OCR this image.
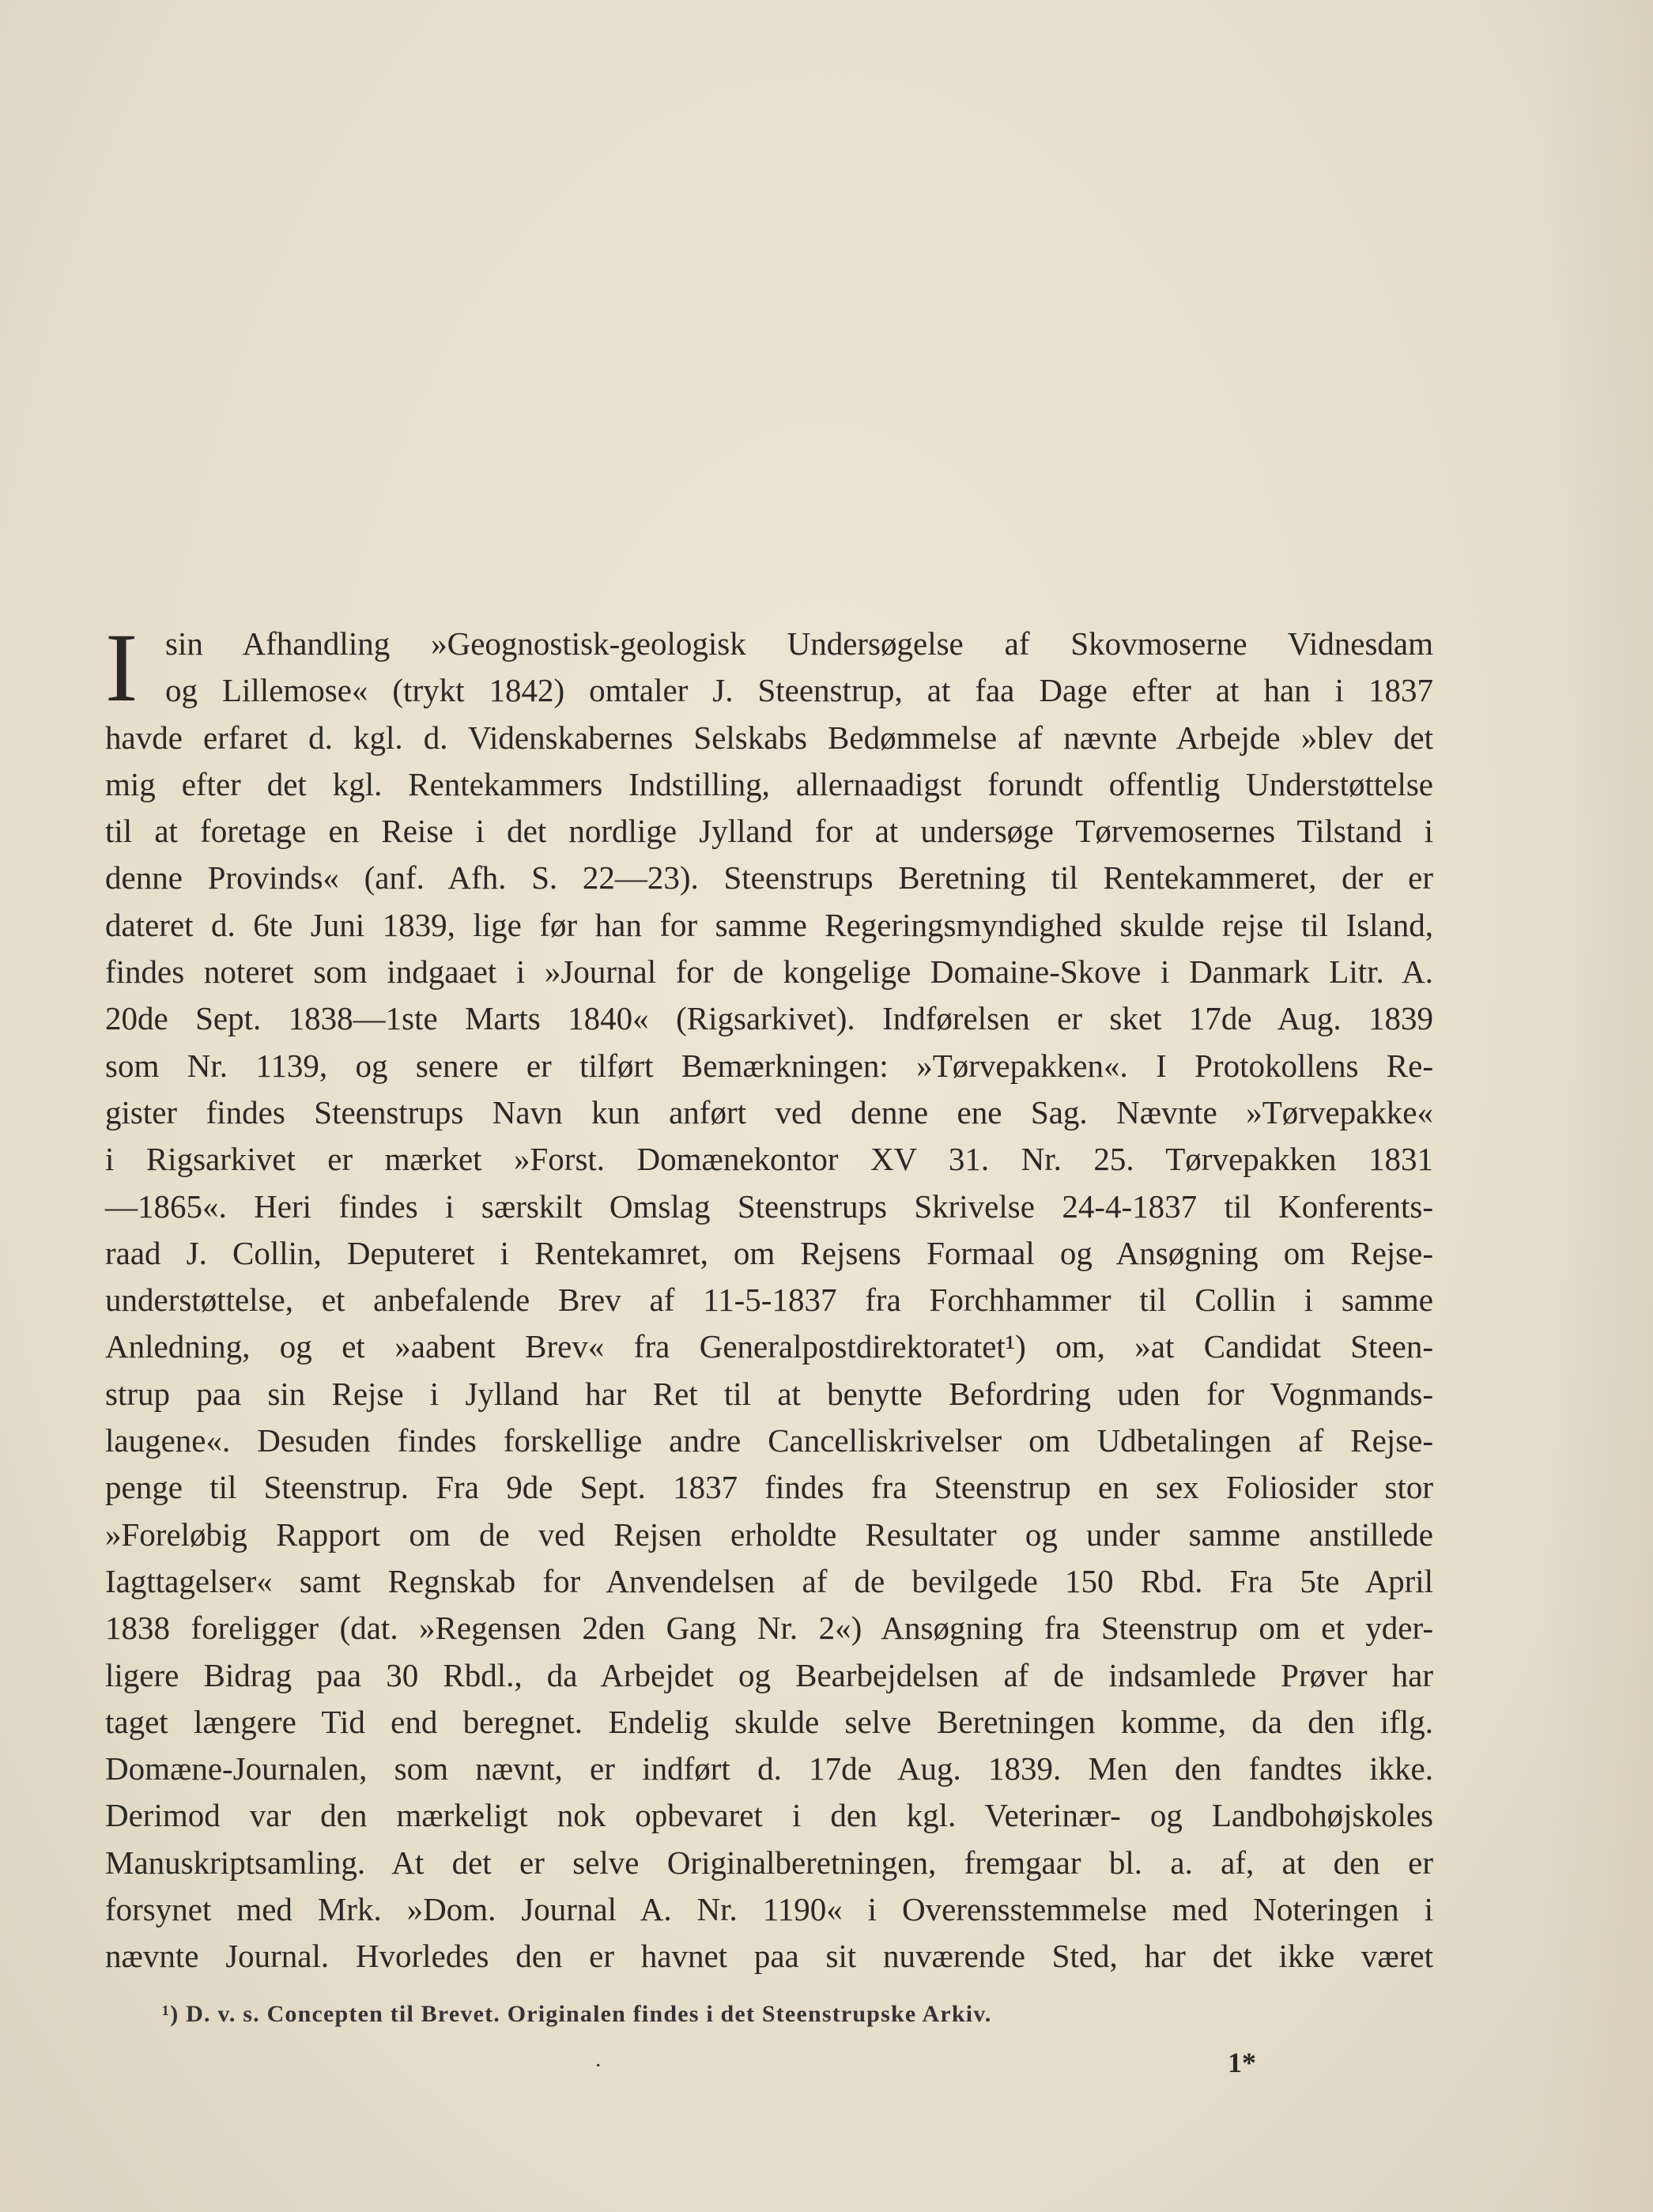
I sin Afhandling »Geognostisk-geologisk Undersøgelse af Skovmoserne Vidnesdam
og Lillemose« (trykt 1842) omtaler J. Steenstrup, at faa Dage efter at han i 1837
havde erfaret d. kgl. d. Videnskabernes Selskabs Bedømmelse af nævnte Arbejde »blev det
mig efter det kgl. Rentekammers Indstilling, allernaadigst forundt offentlig Understøttelse
til at foretage en Reise i det nordlige Jylland for at undersøge Tørvemosernes Tilstand i
denne Provinds« (anf. Afh. S. 22—23). Steenstrups Beretning til Rentekammeret, der er
dateret d. 6te Juni 1839, lige før han for samme Regeringsmyndighed skulde rejse til Island,
findes noteret som indgaaet i »Journal for de kongelige Domaine-Skove i Danmark Litr. A.
20de Sept. 1838—1ste Marts 1840« (Rigsarkivet). Indførelsen er sket 17de Aug. 1839
som Nr. 1139, og senere er tilført Bemærkningen: »Tørvepakken«. I Protokollens Re-
gister findes Steenstrups Navn kun anført ved denne ene Sag. Nævnte »Tørvepakke«
i Rigsarkivet er mærket »Forst. Domænekontor XV 31. Nr. 25. Tørvepakken 1831
—1865«. Heri findes i særskilt Omslag Steenstrups Skrivelse 24-4-1837 til Konferents-
raad J. Collin, Deputeret i Rentekamret, om Rejsens Formaal og Ansøgning om Rejse-
understøttelse, et anbefalende Brev af 11-5-1837 fra Forchhammer til Collin i samme
Anledning, og et »aabent Brev« fra Generalpostdirektoratet¹) om, »at Candidat Steen-
strup paa sin Rejse i Jylland har Ret til at benytte Befordring uden for Vognmands-
laugene«. Desuden findes forskellige andre Cancelliskrivelser om Udbetalingen af Rejse-
penge til Steenstrup. Fra 9de Sept. 1837 findes fra Steenstrup en sex Foliosider stor
»Foreløbig Rapport om de ved Rejsen erholdte Resultater og under samme anstillede
Iagttagelser« samt Regnskab for Anvendelsen af de bevilgede 150 Rbd. Fra 5te April
1838 foreligger (dat. »Regensen 2den Gang Nr. 2«) Ansøgning fra Steenstrup om et yder-
ligere Bidrag paa 30 Rbdl., da Arbejdet og Bearbejdelsen af de indsamlede Prøver har
taget længere Tid end beregnet. Endelig skulde selve Beretningen komme, da den iflg.
Domæne-Journalen, som nævnt, er indført d. 17de Aug. 1839. Men den fandtes ikke.
Derimod var den mærkeligt nok opbevaret i den kgl. Veterinær- og Landbohøjskoles
Manuskriptsamling. At det er selve Originalberetningen, fremgaar bl. a. af, at den er
forsynet med Mrk. »Dom. Journal A. Nr. 1190« i Overensstemmelse med Noteringen i
nævnte Journal. Hvorledes den er havnet paa sit nuværende Sted, har det ikke været
¹) D. v. s. Concepten til Brevet. Originalen findes i det Steenstrupske Arkiv.
·	1*
